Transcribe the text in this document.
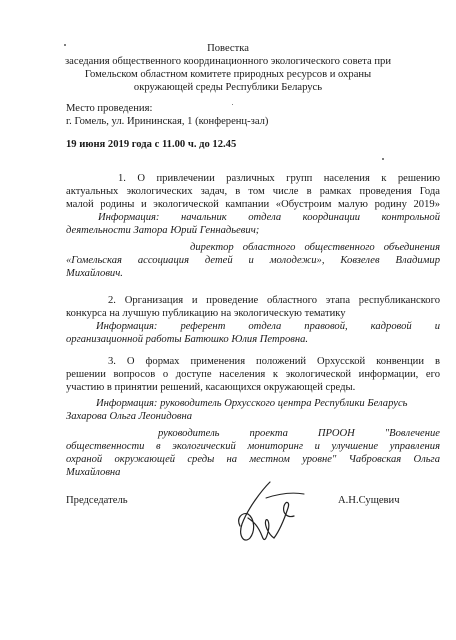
Повестка
заседания общественного координационного экологического совета при
Гомельском областном комитете природных ресурсов и охраны
окружающей среды Республики Беларусь
Место проведения:
г. Гомель, ул. Ирининская, 1 (конференц-зал)
19 июня 2019 года с 11.00 ч. до 12.45
1. О привлечении различных групп населения к решению
актуальных экологических задач, в том числе в рамках проведения Года
малой родины и экологической кампании «Обустроим малую родину 2019»
Информация: начальник отдела координации контрольной
деятельности Затора Юрий Геннадьевич;
директор областного общественного объединения
«Гомельская ассоциация детей и молодежи», Ковзелев Владимир
Михайлович.
2. Организация и проведение областного этапа республиканского
конкурса на лучшую публикацию на экологическую тематику
Информация: референт отдела правовой, кадровой и
организационной работы Батюшко Юлия Петровна.
3. О формах применения положений Орхусской конвенции в
решении вопросов о доступе населения к экологической информации, его
участию в принятии решений, касающихся окружающей среды.
Информация: руководитель Орхусского центра Республики Беларусь
Захарова Ольга Леонидовна
руководитель проекта ПРООН "Вовлечение
общественности в экологический мониторинг и улучшение управления
охраной окружающей среды на местном уровне" Чабровская Ольга
Михайловна
Председатель	А.Н.Сущевич
